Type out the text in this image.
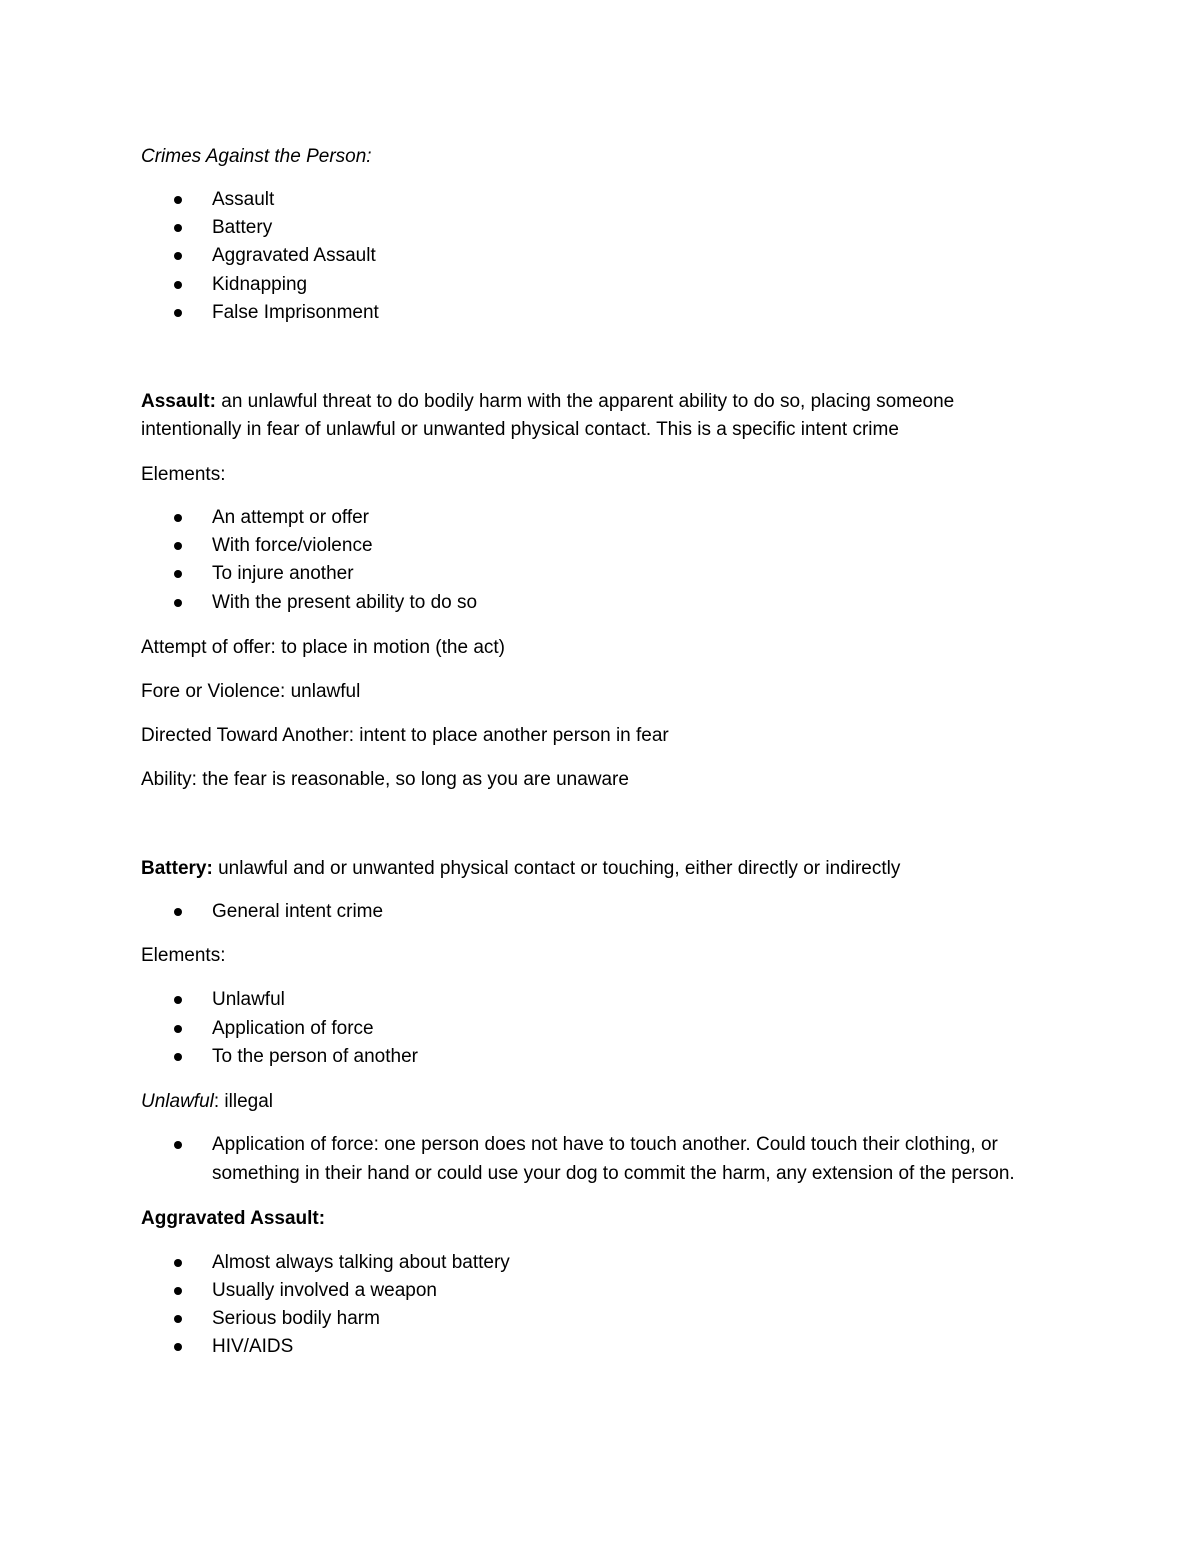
Crimes Against the Person:
Assault
Battery
Aggravated Assault
Kidnapping
False Imprisonment
Assault: an unlawful threat to do bodily harm with the apparent ability to do so, placing someone
intentionally in fear of unlawful or unwanted physical contact. This is a specific intent crime
Elements:
An attempt or offer
With force/violence
To injure another
With the present ability to do so
Attempt of offer: to place in motion (the act)
Fore or Violence: unlawful
Directed Toward Another: intent to place another person in fear
Ability: the fear is reasonable, so long as you are unaware
Battery: unlawful and or unwanted physical contact or touching, either directly or indirectly
General intent crime
Elements:
Unlawful
Application of force
To the person of another
Unlawful: illegal
Application of force: one person does not have to touch another. Could touch their clothing, or
something in their hand or could use your dog to commit the harm, any extension of the person.
Aggravated Assault:
Almost always talking about battery
Usually involved a weapon
Serious bodily harm
HIV/AIDS
